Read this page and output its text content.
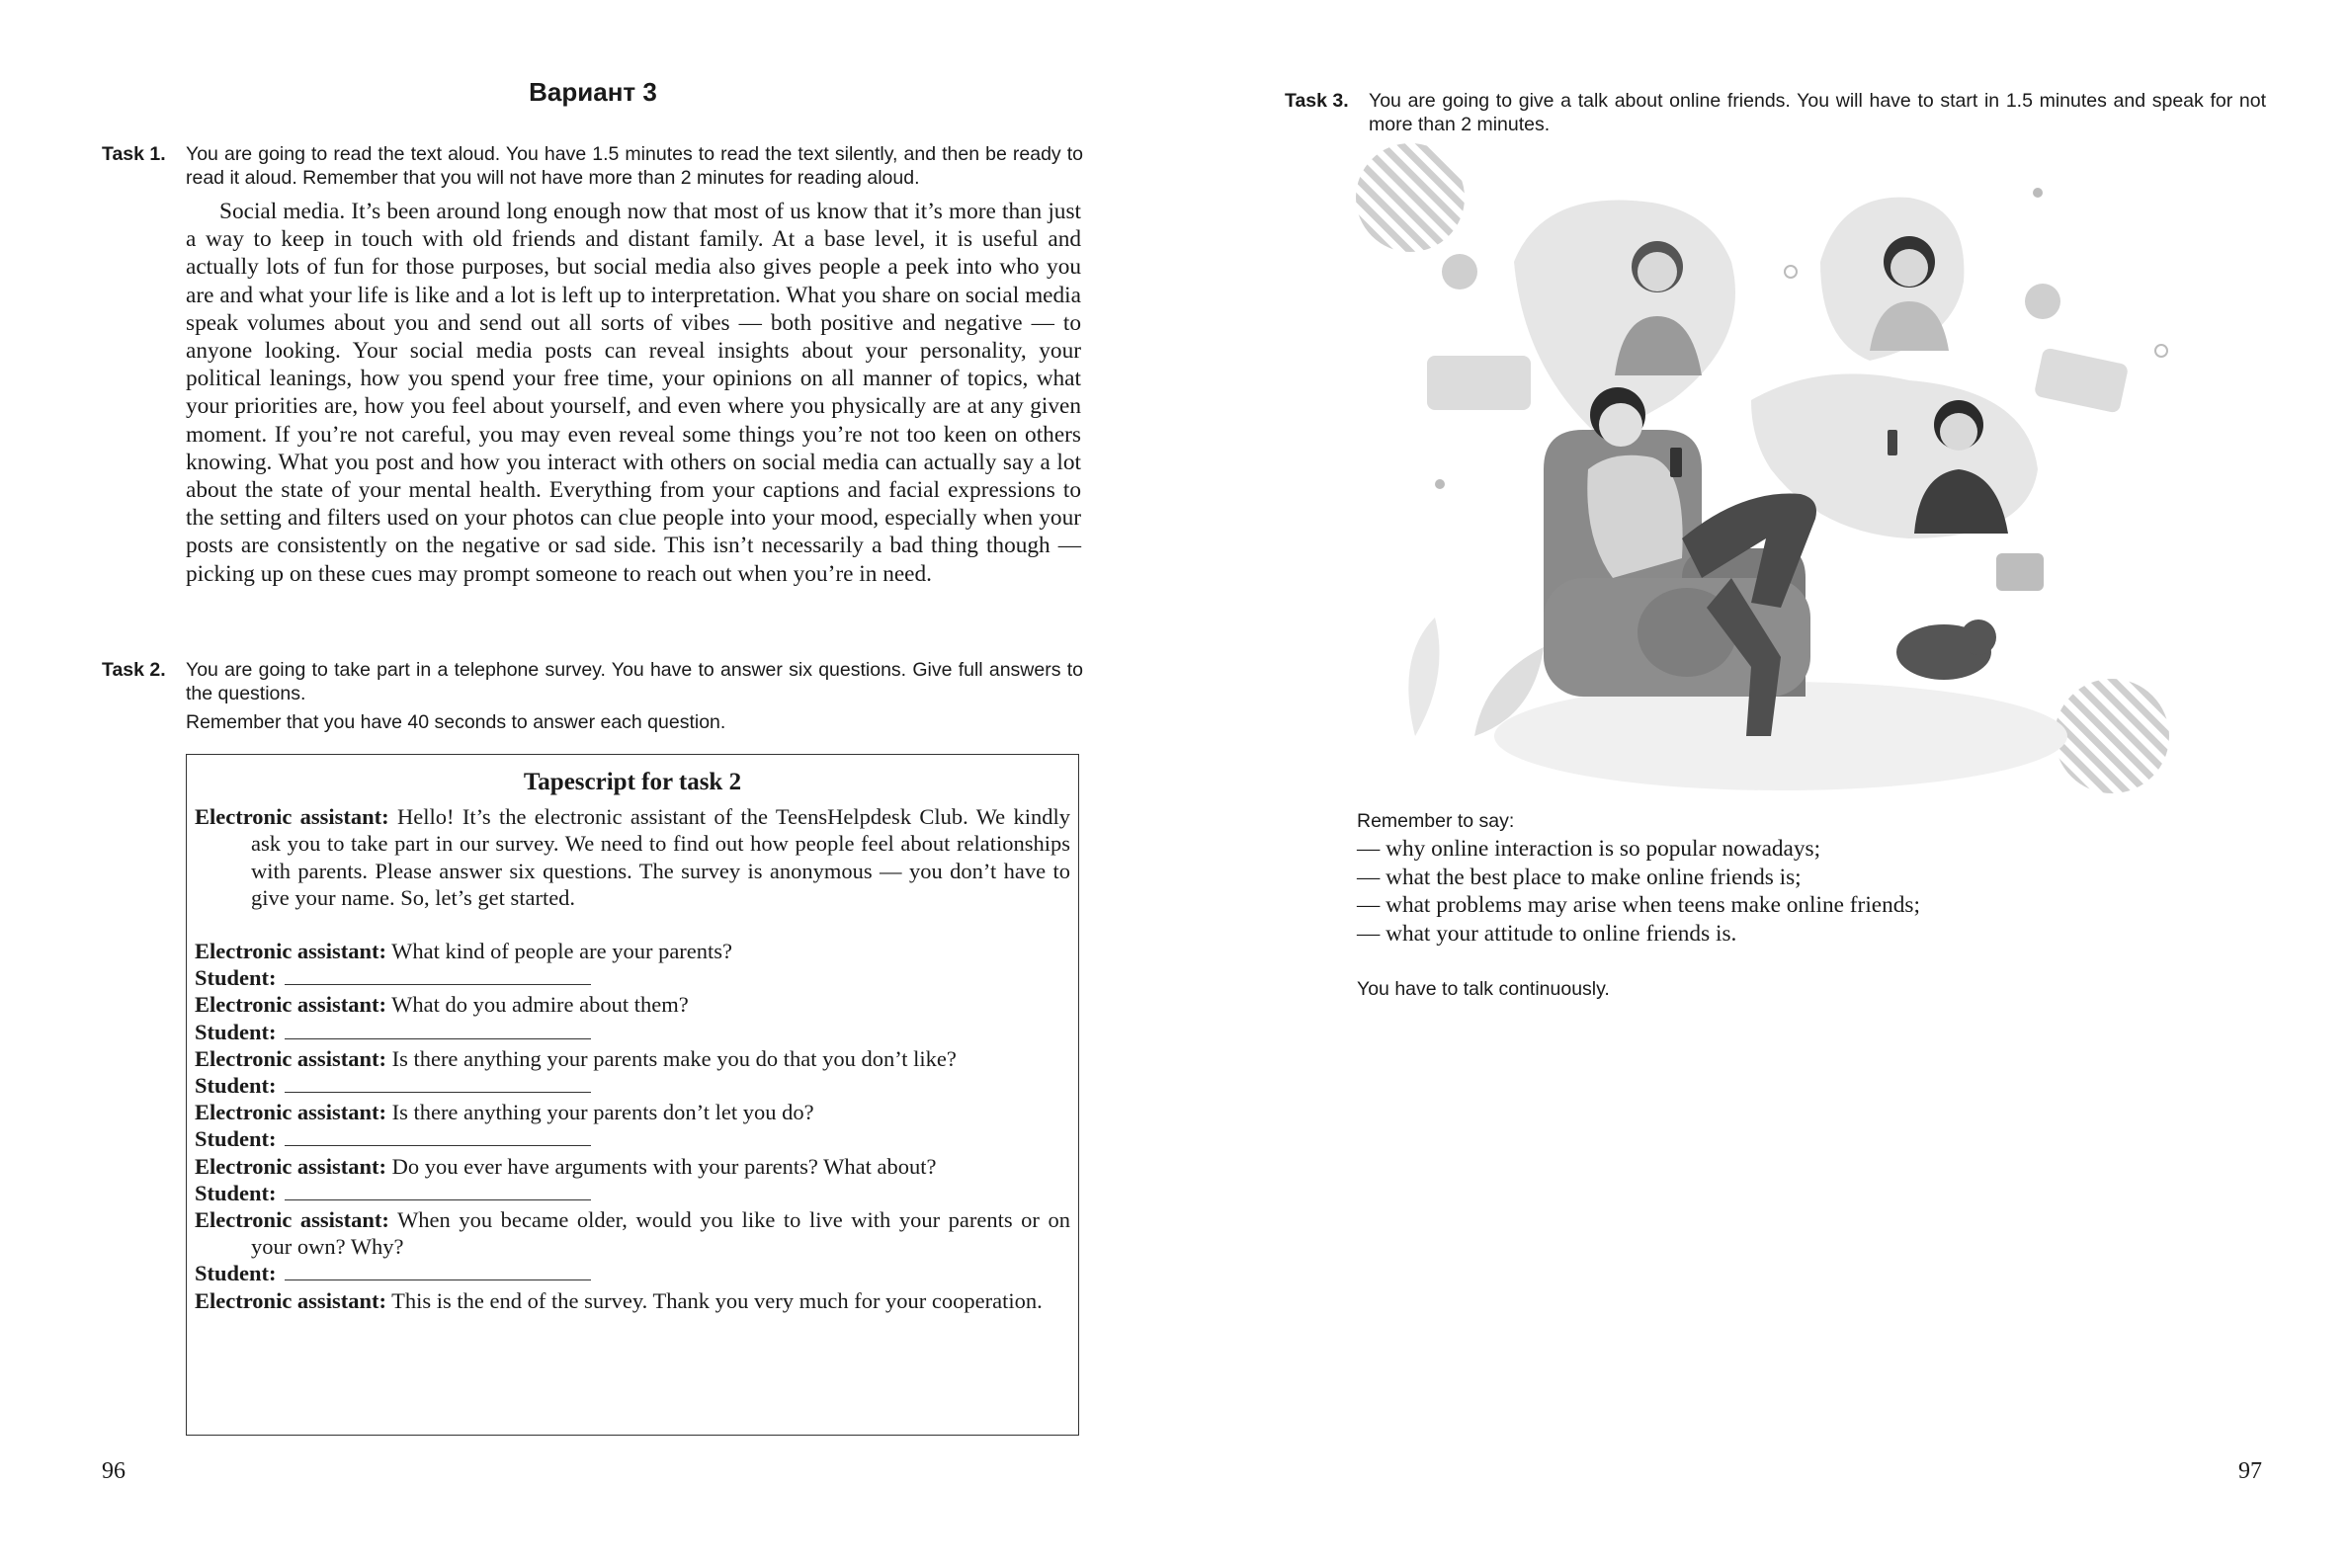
Вариант 3
Task 1. You are going to read the text aloud. You have 1.5 minutes to read the text silently, and then be ready to read it aloud. Remember that you will not have more than 2 minutes for reading aloud.

Social media. It’s been around long enough now that most of us know that it’s more than just a way to keep in touch with old friends and distant family. At a base level, it is useful and actually lots of fun for those purposes, but social media also gives people a peek into who you are and what your life is like and a lot is left up to interpretation. What you share on social media speak volumes about you and send out all sorts of vibes — both positive and negative — to anyone looking. Your social media posts can reveal insights about your personality, your political leanings, how you spend your free time, your opinions on all manner of topics, what your priorities are, how you feel about yourself, and even where you physically are at any given moment. If you’re not careful, you may even reveal some things you’re not too keen on others knowing. What you post and how you interact with others on social media can actually say a lot about the state of your mental health. Everything from your captions and facial expressions to the setting and filters used on your photos can clue people into your mood, especially when your posts are consistently on the negative or sad side. This isn’t necessarily a bad thing though — picking up on these cues may prompt someone to reach out when you’re in need.

Task 2. You are going to take part in a telephone survey. You have to answer six questions. Give full answers to the questions.
Remember that you have 40 seconds to answer each question.
Tapescript for task 2
Electronic assistant: Hello! It’s the electronic assistant of the TeensHelpdesk Club. We kindly ask you to take part in our survey. We need to find out how people feel about relationships with parents. Please answer six questions. The survey is anonymous — you don’t have to give your name. So, let’s get started.
Electronic assistant: What kind of people are your parents?
Student:
Electronic assistant: What do you admire about them?
Student:
Electronic assistant: Is there anything your parents make you do that you don’t like?
Student:
Electronic assistant: Is there anything your parents don’t let you do?
Student:
Electronic assistant: Do you ever have arguments with your parents? What about?
Student:
Electronic assistant: When you became older, would you like to live with your parents or on your own? Why?
Student:
Electronic assistant: This is the end of the survey. Thank you very much for your cooperation.
96
Task 3. You are going to give a talk about online friends. You will have to start in 1.5 minutes and speak for not more than 2 minutes.
Remember to say:
— why online interaction is so popular nowadays;
— what the best place to make online friends is;
— what problems may arise when teens make online friends;
— what your attitude to online friends is.
You have to talk continuously.
97
